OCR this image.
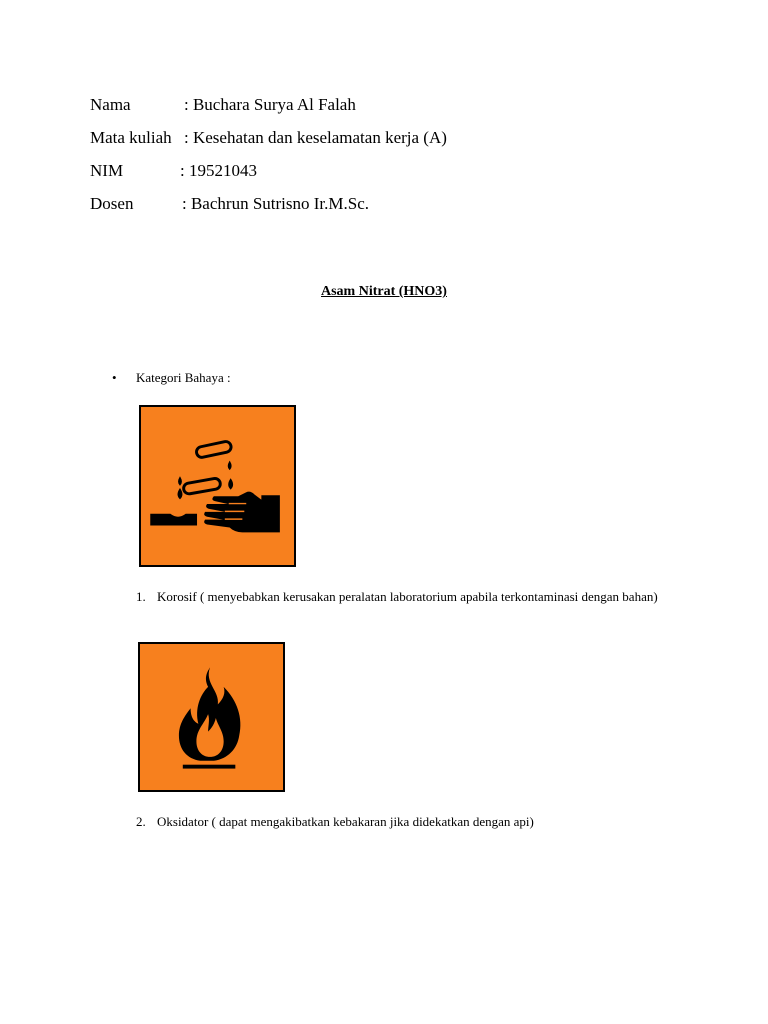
Nama	: Buchara Surya Al Falah
Mata kuliah : Kesehatan dan keselamatan kerja (A)
NIM	: 19521043
Dosen	: Bachrun Sutrisno Ir.M.Sc.
Asam Nitrat (HNO3)
• Kategori Bahaya :
1. Korosif ( menyebabkan kerusakan peralatan laboratorium apabila terkontaminasi dengan bahan)
2. Oksidator ( dapat mengakibatkan kebakaran jika didekatkan dengan api)
